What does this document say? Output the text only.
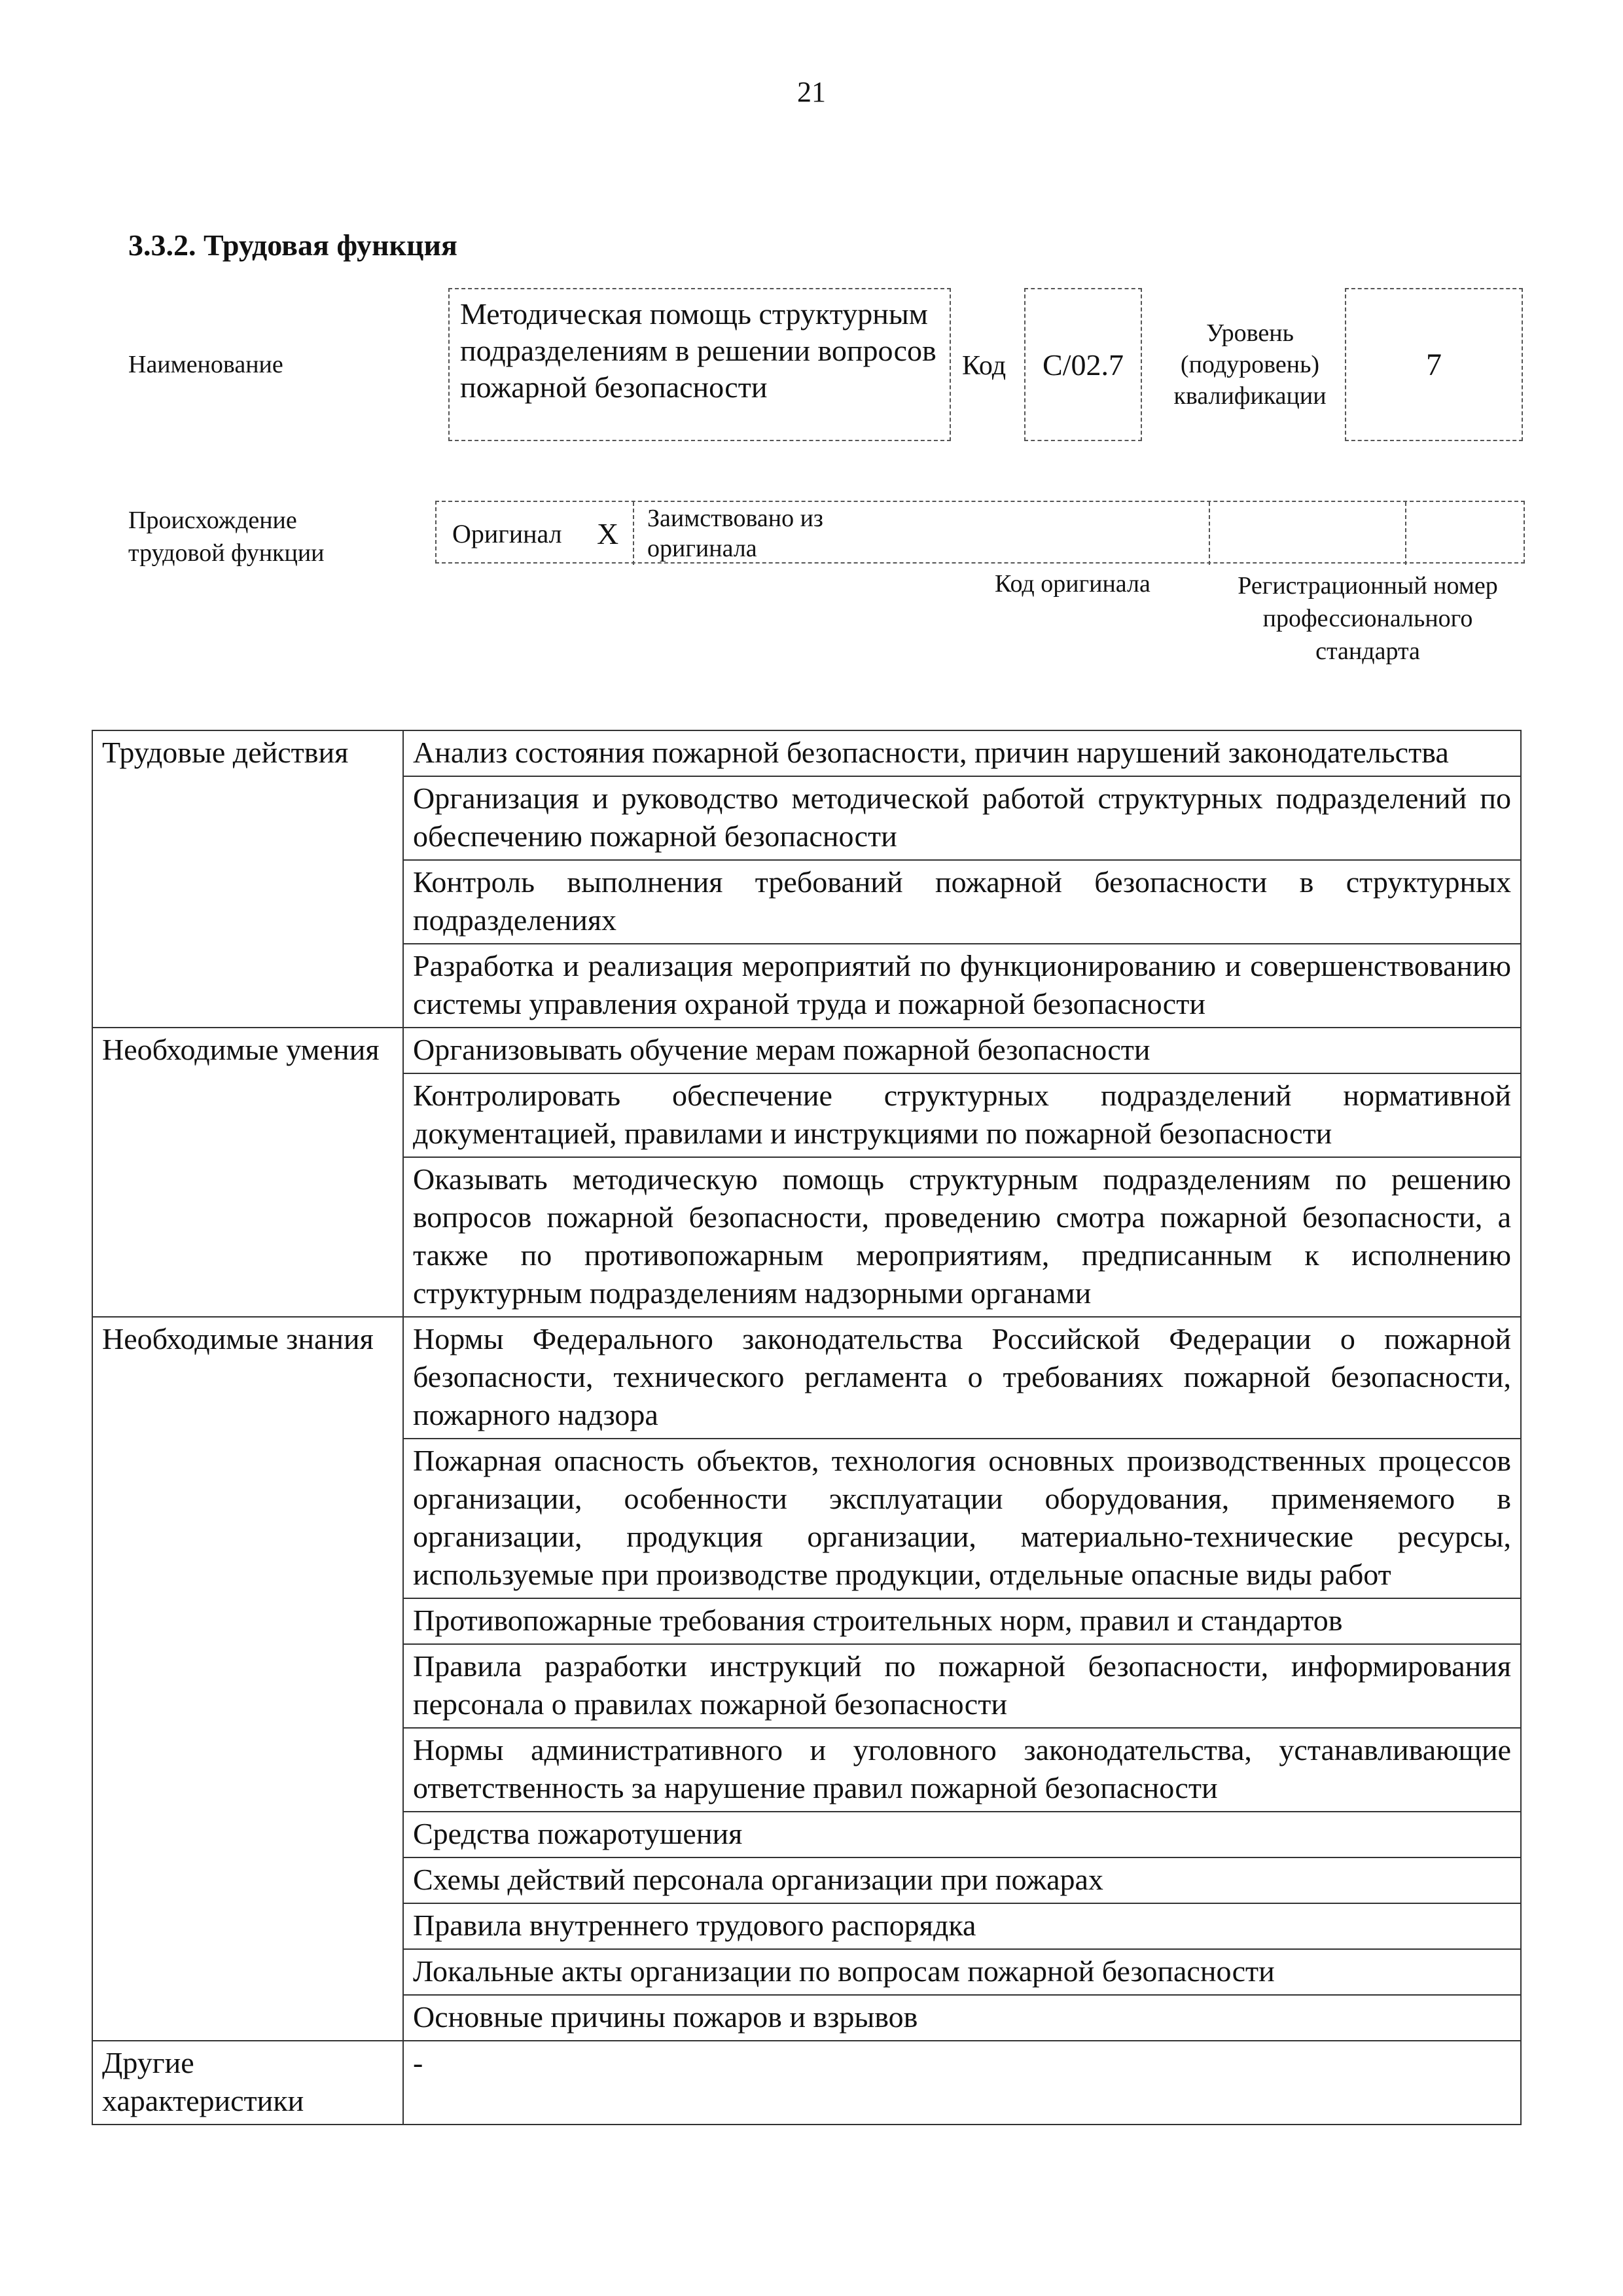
21
3.3.2. Трудовая функция
Наименование
Методическая помощь структурным подразделениям в решении вопросов пожарной безопасности
Код	C/02.7
Уровень (подуровень) квалификации
7
Происхождение трудовой функции
Оригинал	X	Заимствовано из оригинала
Код оригинала	Регистрационный номер профессионального стандарта
Трудовые действия	Анализ состояния пожарной безопасности, причин нарушений законодательства
	Организация и руководство методической работой структурных подразделений по обеспечению пожарной безопасности
	Контроль выполнения требований пожарной безопасности в структурных подразделениях
	Разработка и реализация мероприятий по функционированию и совершенствованию системы управления охраной труда и пожарной безопасности
Необходимые умения	Организовывать обучение мерам пожарной безопасности
	Контролировать обеспечение структурных подразделений нормативной документацией, правилами и инструкциями по пожарной безопасности
	Оказывать методическую помощь структурным подразделениям по решению вопросов пожарной безопасности, проведению смотра пожарной безопасности, а также по противопожарным мероприятиям, предписанным к исполнению структурным подразделениям надзорными органами
Необходимые знания	Нормы Федерального законодательства Российской Федерации о пожарной безопасности, технического регламента о требованиях пожарной безопасности, пожарного надзора
	Пожарная опасность объектов, технология основных производственных процессов организации, особенности эксплуатации оборудования, применяемого в организации, продукция организации, материально-технические ресурсы, используемые при производстве продукции, отдельные опасные виды работ
	Противопожарные требования строительных норм, правил и стандартов
	Правила разработки инструкций по пожарной безопасности, информирования персонала о правилах пожарной безопасности
	Нормы административного и уголовного законодательства, устанавливающие ответственность за нарушение правил пожарной безопасности
	Средства пожаротушения
	Схемы действий персонала организации при пожарах
	Правила внутреннего трудового распорядка
	Локальные акты организации по вопросам пожарной безопасности
	Основные причины пожаров и взрывов
Другие характеристики	-
